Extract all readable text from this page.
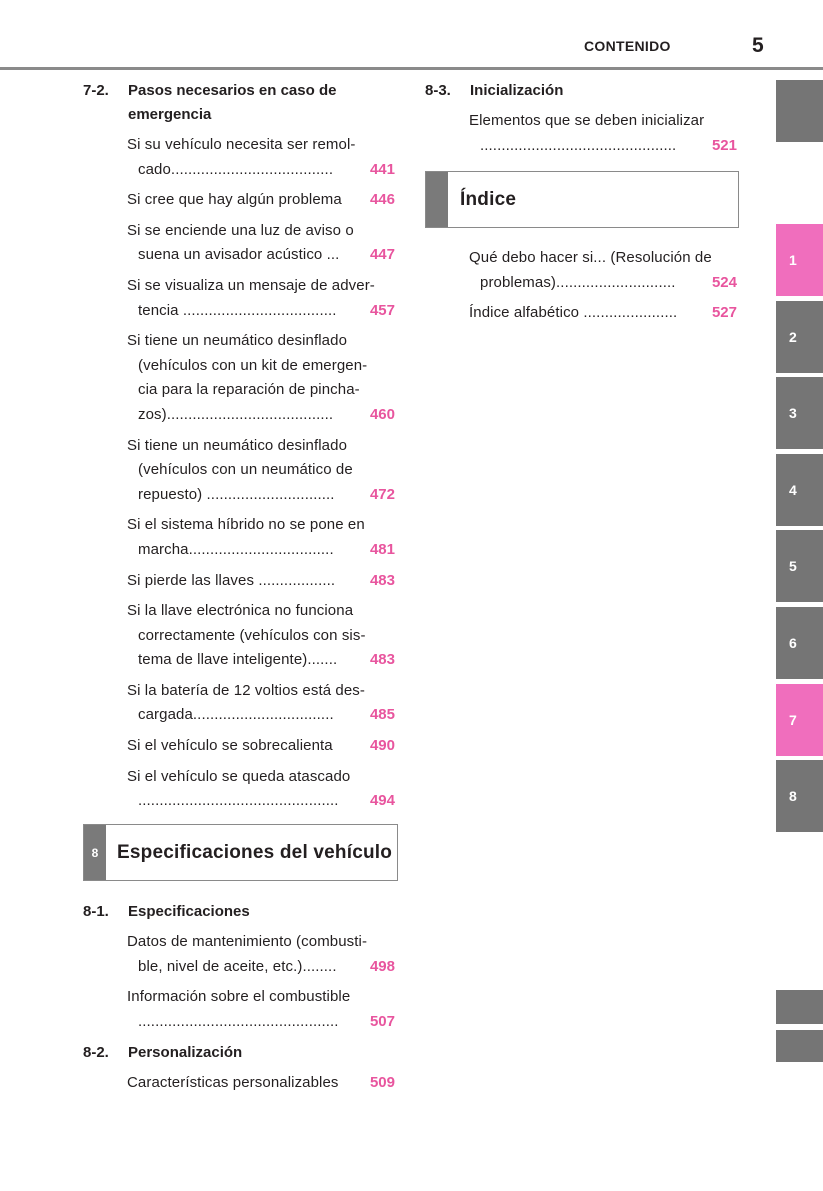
CONTENIDO	5
7-2. Pasos necesarios en caso de
emergencia
Si su vehículo necesita ser remol-

441
cado......................................
446
Si cree que hay algún problema
Si se enciende una luz de aviso o

447
suena un avisador acústico ...
Si se visualiza un mensaje de adver-

457
tencia ....................................
Si tiene un neumático desinflado
(vehículos con un kit de emergen-
cia para la reparación de pincha-

460
zos).......................................
Si tiene un neumático desinflado
(vehículos con un neumático de

472
repuesto) ..............................
Si el sistema híbrido no se pone en

481
marcha..................................
483
Si pierde las llaves ..................
Si la llave electrónica no funciona
correctamente (vehículos con sis-

483
tema de llave inteligente).......
Si la batería de 12 voltios está des-

485
cargada.................................
490
Si el vehículo se sobrecalienta
Si el vehículo se queda atascado

494
...............................................
8 Especificaciones del vehículo
8-1. Especificaciones
Datos de mantenimiento (combusti-

498
ble, nivel de aceite, etc.)........
Información sobre el combustible

507
...............................................
8-2. Personalización
509
Características personalizables
8-3. Inicialización
Elementos que se deben inicializar

521
..............................................
Índice
Qué debo hacer si... (Resolución de

524
problemas)............................
527
Índice alfabético ......................
1
2
3
4
5
6
7
8
